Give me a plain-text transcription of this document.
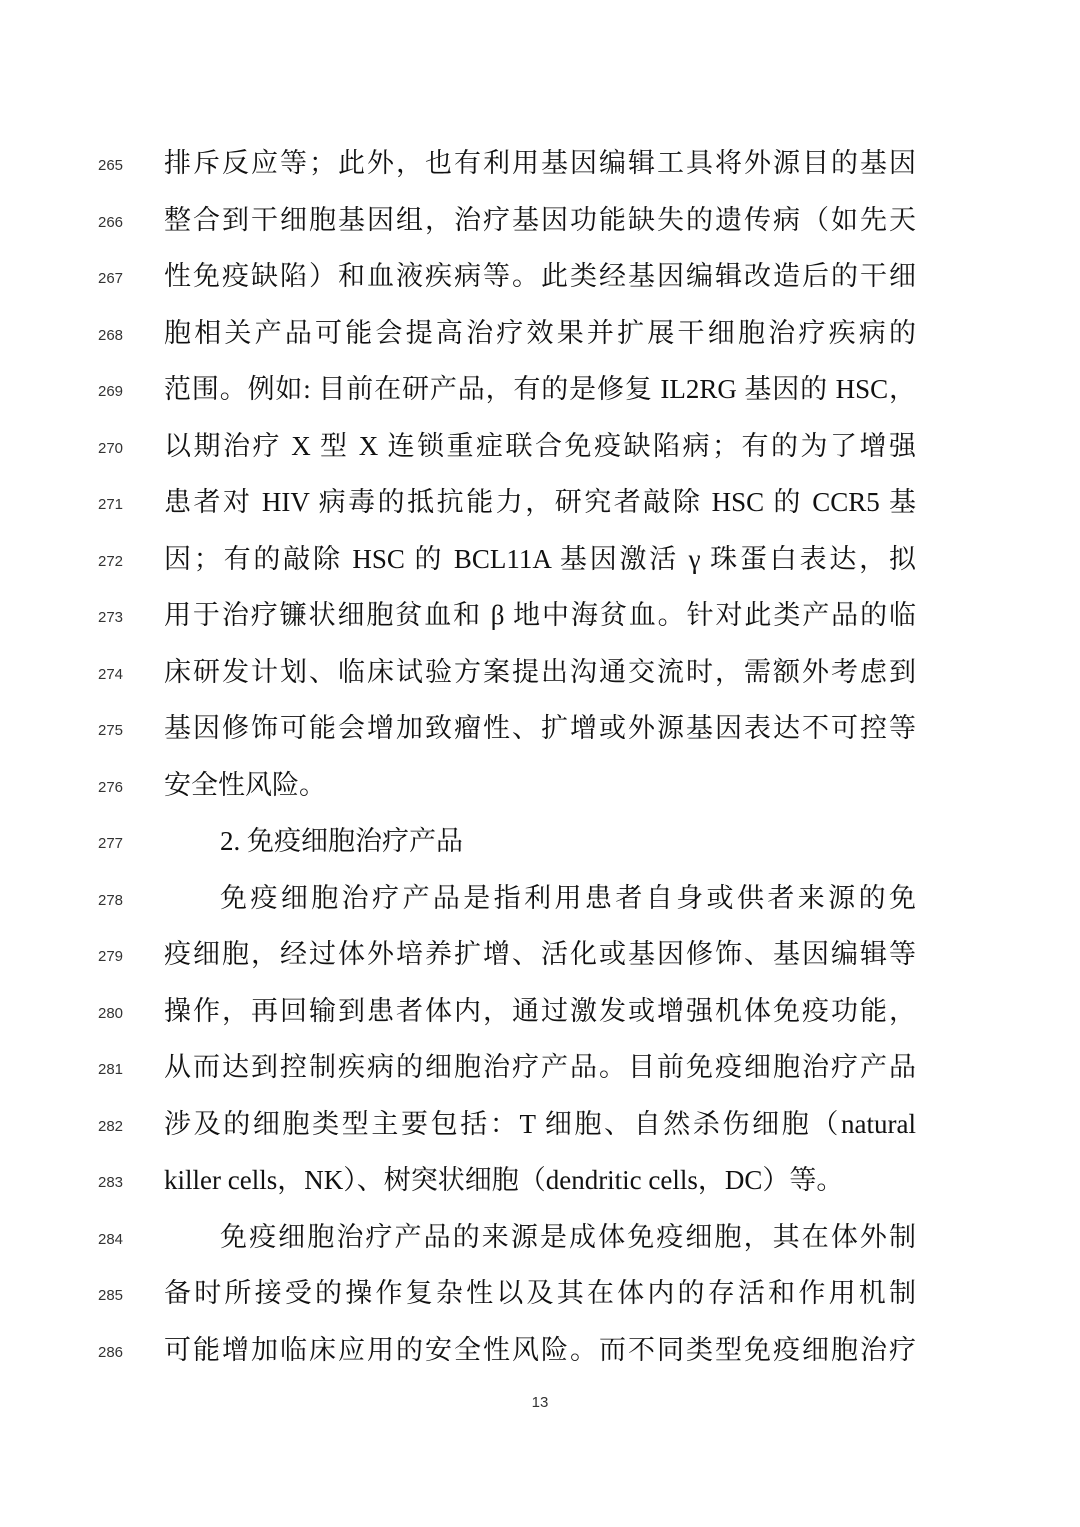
265	排斥反应等；此外，也有利用基因编辑工具将外源目的基因
266	整合到干细胞基因组，治疗基因功能缺失的遗传病（如先天
267	性免疫缺陷）和血液疾病等。此类经基因编辑改造后的干细
268	胞相关产品可能会提高治疗效果并扩展干细胞治疗疾病的
269	范围。例如: 目前在研产品，有的是修复 IL2RG 基因的 HSC，
270	以期治疗 X 型 X 连锁重症联合免疫缺陷病；有的为了增强
271	患者对 HIV 病毒的抵抗能力，研究者敲除 HSC 的 CCR5 基
272	因；有的敲除 HSC 的 BCL11A 基因激活 γ 珠蛋白表达，拟
273	用于治疗镰状细胞贫血和 β 地中海贫血。针对此类产品的临
274	床研发计划、临床试验方案提出沟通交流时，需额外考虑到
275	基因修饰可能会增加致瘤性、扩增或外源基因表达不可控等
276	安全性风险。
277	2. 免疫细胞治疗产品
278	免疫细胞治疗产品是指利用患者自身或供者来源的免
279	疫细胞，经过体外培养扩增、活化或基因修饰、基因编辑等
280	操作，再回输到患者体内，通过激发或增强机体免疫功能，
281	从而达到控制疾病的细胞治疗产品。目前免疫细胞治疗产品
282	涉及的细胞类型主要包括：T 细胞、自然杀伤细胞（natural
283	killer cells，NK）、树突状细胞（dendritic cells，DC）等。
284	免疫细胞治疗产品的来源是成体免疫细胞，其在体外制
285	备时所接受的操作复杂性以及其在体内的存活和作用机制
286	可能增加临床应用的安全性风险。而不同类型免疫细胞治疗
13
